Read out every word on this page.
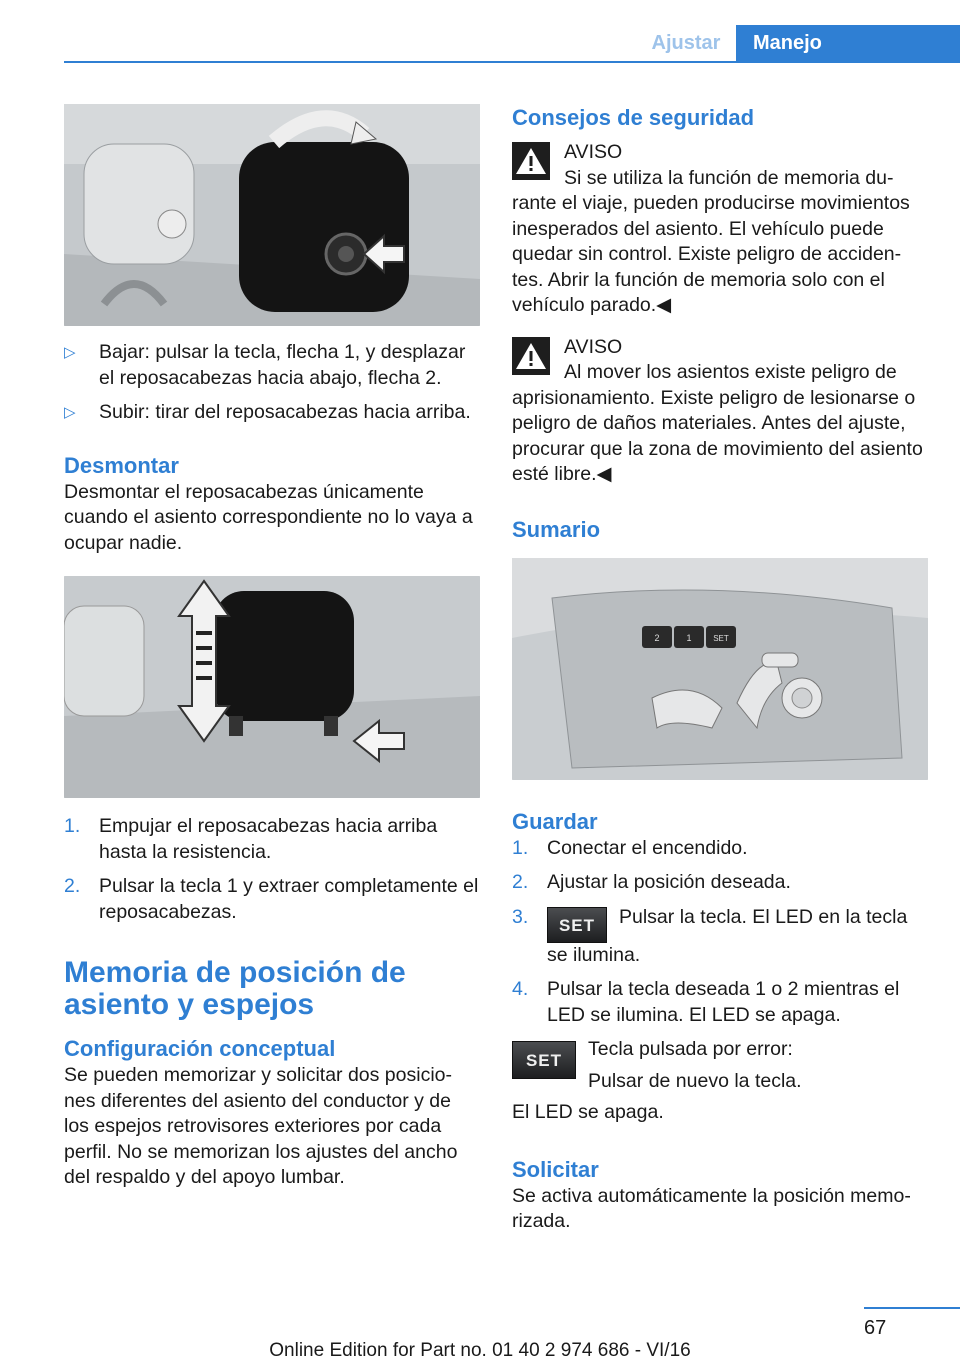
Ajustar	Manejo
▷ Bajar: pulsar la tecla, flecha 1, y desplazar el reposacabezas hacia abajo, flecha 2.
▷ Subir: tirar del reposacabezas hacia arriba.
Desmontar

Desmontar el reposacabezas únicamente cuando el asiento correspondiente no lo vaya a ocupar nadie.

1. Empujar el reposacabezas hacia arriba hasta la resistencia.
2. Pulsar la tecla 1 y extraer completamente el reposacabezas.
Memoria de posición de
asiento y espejos
Configuración conceptual

Se pueden memorizar y solicitar dos posicio‐ nes diferentes del asiento del conductor y de los espejos retrovisores exteriores por cada perfil. No se memorizan los ajustes del ancho del respaldo y del apoyo lumbar.

Consejos de seguridad

AVISO

Si se utiliza la función de memoria du‐

rante el viaje, pueden producirse movimientos inesperados del asiento. El vehículo puede quedar sin control. Existe peligro de acciden‐ tes. Abrir la función de memoria solo con el vehículo parado.◀

AVISO

Al mover los asientos existe peligro de

aprisionamiento. Existe peligro de lesionarse o peligro de daños materiales. Antes del ajuste, procurar que la zona de movimiento del asiento esté libre.◀

Sumario
2	1	SET
Guardar
1. Conectar el encendido.
2. Ajustar la posición deseada.
3. SET Pulsar la tecla. El LED en la tecla se ilumina.
4. Pulsar la tecla deseada 1 o 2 mientras el LED se ilumina. El LED se apaga.
SET

Tecla pulsada por error:

Pulsar de nuevo la tecla.

El LED se apaga.

Solicitar

Se activa automáticamente la posición memo‐ rizada.

67
Online Edition for Part no. 01 40 2 974 686 - VI/16
